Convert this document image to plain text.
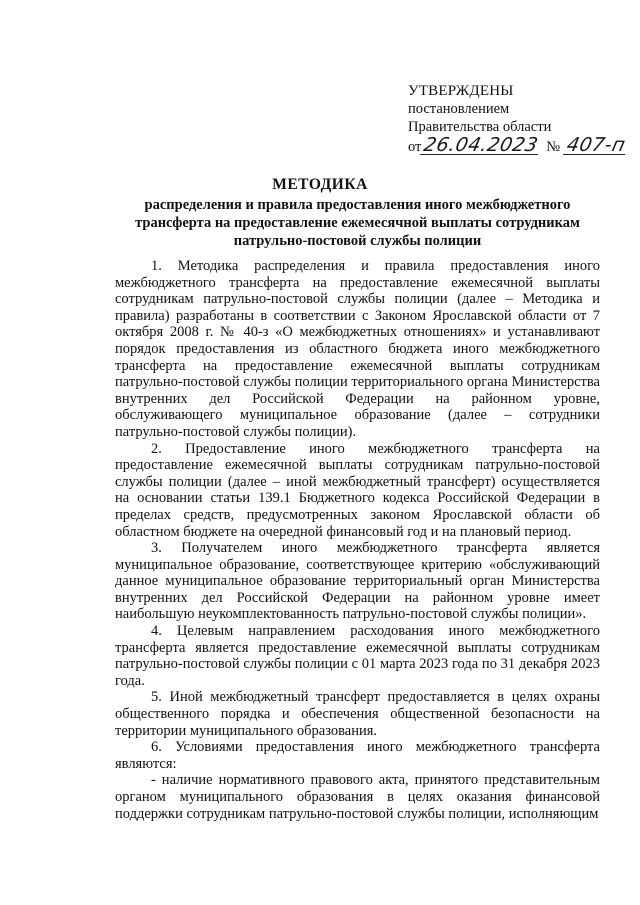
УТВЕРЖДЕНЫ
постановлением
Правительства области
от 26.04.2023 № 407-п
МЕТОДИКА
распределения и правила предоставления иного межбюджетного трансферта на предоставление ежемесячной выплаты сотрудникам патрульно-постовой службы полиции

1. Методика распределения и правила предоставления иного межбюджетного трансферта на предоставление ежемесячной выплаты сотрудникам патрульно-постовой службы полиции (далее – Методика и правила) разработаны в соответствии с Законом Ярославской области от 7 октября 2008 г. № 40-з «О межбюджетных отношениях» и устанавливают порядок предоставления из областного бюджета иного межбюджетного трансферта на предоставление ежемесячной выплаты сотрудникам патрульно-постовой службы полиции территориального органа Министерства внутренних дел Российской Федерации на районном уровне, обслуживающего муниципальное образование (далее – сотрудники патрульно-постовой службы полиции).

2. Предоставление иного межбюджетного трансферта на предоставление ежемесячной выплаты сотрудникам патрульно-постовой службы полиции (далее – иной межбюджетный трансферт) осуществляется на основании статьи 139.1 Бюджетного кодекса Российской Федерации в пределах средств, предусмотренных законом Ярославской области об областном бюджете на очередной финансовый год и на плановый период.

3. Получателем иного межбюджетного трансферта является муниципальное образование, соответствующее критерию «обслуживающий данное муниципальное образование территориальный орган Министерства внутренних дел Российской Федерации на районном уровне имеет наибольшую неукомплектованность патрульно-постовой службы полиции».

4. Целевым направлением расходования иного межбюджетного трансферта является предоставление ежемесячной выплаты сотрудникам патрульно-постовой службы полиции с 01 марта 2023 года по 31 декабря 2023 года.

5. Иной межбюджетный трансферт предоставляется в целях охраны общественного порядка и обеспечения общественной безопасности на территории муниципального образования.

6. Условиями предоставления иного межбюджетного трансферта являются:

- наличие нормативного правового акта, принятого представительным органом муниципального образования в целях оказания финансовой поддержки сотрудникам патрульно-постовой службы полиции, исполняющим
